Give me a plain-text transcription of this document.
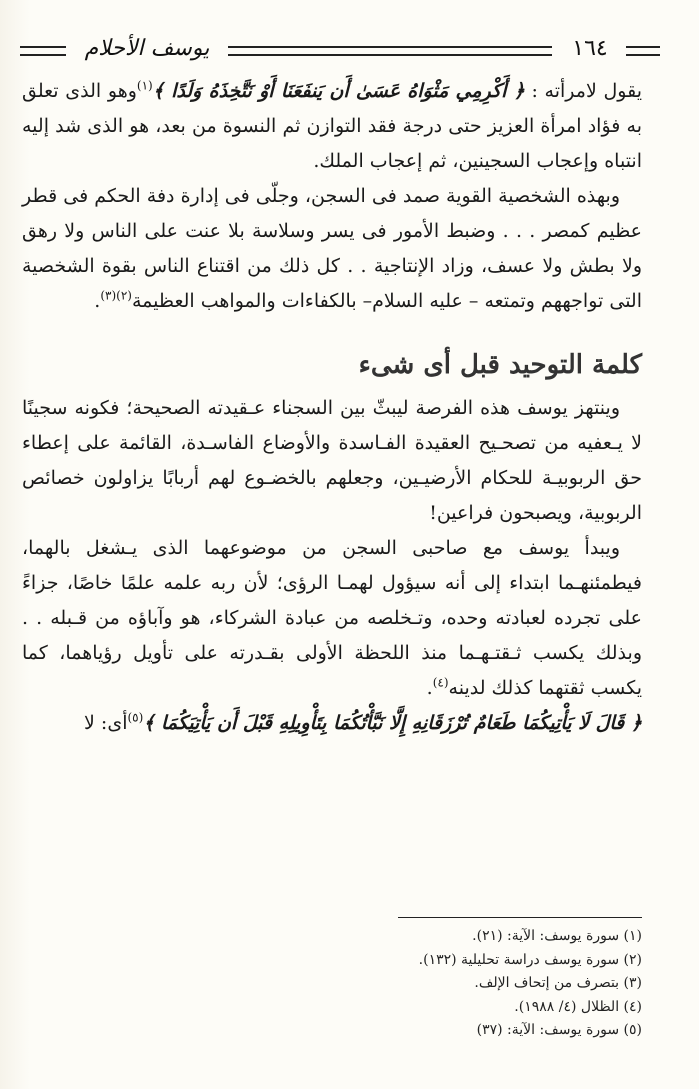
يوسف الأحلام	١٦٤

يقول لامرأته : ﴿ أَكْرِمِي مَثْوَاهُ عَسَىٰ أَن يَنفَعَنَا أَوْ نَتَّخِذَهُ وَلَدًا ﴾$^{(١)}$وهو الذى تعلق به فؤاد امرأة العزيز حتى درجة فقد التوازن ثم النسوة من بعد، هو الذى شد إليه انتباه وإعجاب السجينين، ثم إعجاب الملك.

وبهذه الشخصية القوية صمد فى السجن، وجلّى فى إدارة دفة الحكم فى قطر عظيم كمصر . . . وضبط الأمور فى يسر وسلاسة بلا عنت على الناس ولا رهق ولا بطش ولا عسف، وزاد الإنتاجية . . كل ذلك من اقتناع الناس بقوة الشخصية التى تواجههم وتمتعه – عليه السلام– بالكفاءات والمواهب العظيمة$^{(٢)(٣)}$.

كلمة التوحيد قبل أى شىء

وينتهز يوسف هذه الفرصة ليبثّ بين السجناء عـقيدته الصحيحة؛ فكونه سجينًا لا يـعفيه من تصحـيح العقيدة الفـاسدة والأوضاع الفاسـدة، القائمة على إعطاء حق الربوبيـة للحكام الأرضيـين، وجعلهم بالخضـوع لهم أربابًا يزاولون خصائص الربوبية، ويصبحون فراعين!

ويبدأ يوسف مع صاحبى السجن من موضوعهما الذى يـشغل بالهما، فيطمئنهـما ابتداء إلى أنه سيؤول لهمـا الرؤى؛ لأن ربه علمه علمًا خاصًا، جزاءً على تجرده لعبادته وحده، وتـخلصه من عبادة الشركاء، هو وآباؤه من قـبله . . وبذلك يكسب ثـقتـهـما منذ اللحظة الأولى بقـدرته على تأويل رؤياهما، كما يكسب ثقتهما كذلك لدينه$^{(٤)}$.

﴿ قَالَ لَا يَأْتِيكُمَا طَعَامٌ تُرْزَقَانِهِ إِلَّا نَبَّأْتُكُمَا بِتَأْوِيلِهِ قَبْلَ أَن يَأْتِيَكُمَا ﴾$^{(٥)}$أى: لا

(١) سورة يوسف: الآية: (٢١).
(٢) سورة يوسف دراسة تحليلية (١٣٢).
(٣) بتصرف من إتحاف الإلف.
(٤) الظلال (٤/ ١٩٨٨).
(٥) سورة يوسف: الآية: (٣٧)
